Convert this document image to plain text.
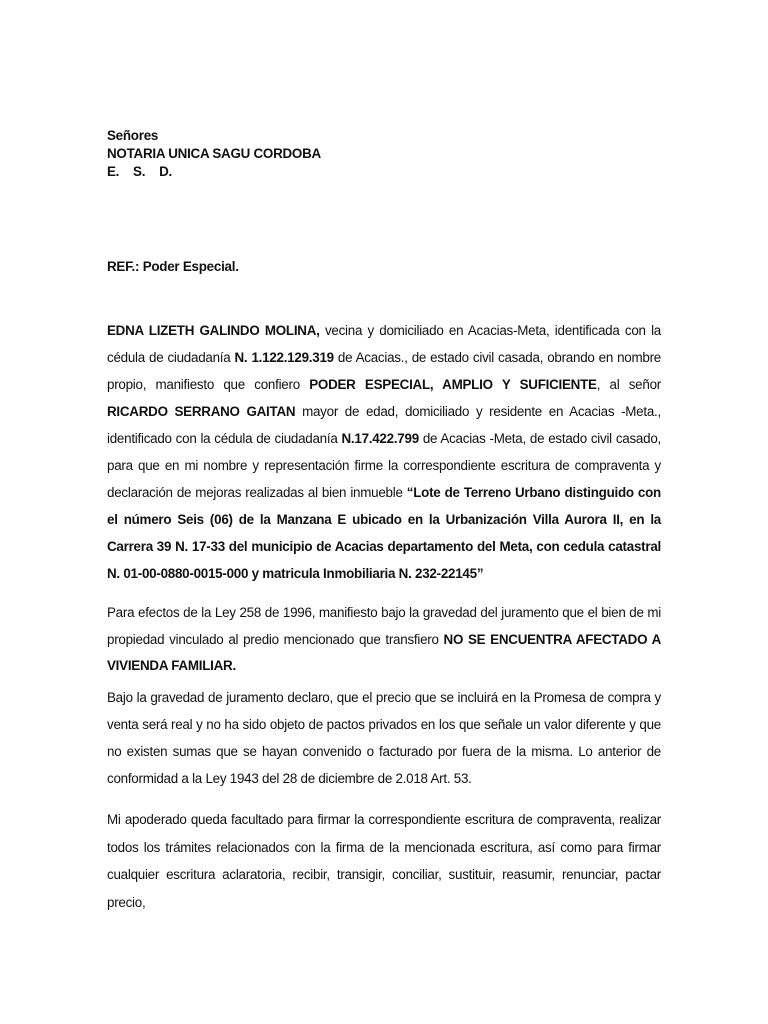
Señores
NOTARIA UNICA SAGU CORDOBA
E.    S.    D.
REF.: Poder Especial.
EDNA LIZETH GALINDO MOLINA, vecina y domiciliado en Acacias-Meta, identificada con la cédula de ciudadanía N. 1.122.129.319 de Acacias., de estado civil casada, obrando en nombre propio, manifiesto que confiero PODER ESPECIAL, AMPLIO Y SUFICIENTE, al señor RICARDO SERRANO GAITAN mayor de edad, domiciliado y residente en Acacias -Meta., identificado con la cédula de ciudadanía N.17.422.799 de Acacias -Meta, de estado civil casado, para que en mi nombre y representación firme la correspondiente escritura de compraventa y declaración de mejoras realizadas al bien inmueble “Lote de Terreno Urbano distinguido con el número Seis (06) de la Manzana E ubicado en la Urbanización Villa Aurora II, en la Carrera 39 N. 17-33 del municipio de Acacias departamento del Meta, con cedula catastral N. 01-00-0880-0015-000 y matricula Inmobiliaria N. 232-22145”
Para efectos de la Ley 258 de 1996, manifiesto bajo la gravedad del juramento que el bien de mi propiedad vinculado al predio mencionado que transfiero NO SE ENCUENTRA AFECTADO A VIVIENDA FAMILIAR.
Bajo la gravedad de juramento declaro, que el precio que se incluirá en la Promesa de compra y venta será real y no ha sido objeto de pactos privados en los que señale un valor diferente y que no existen sumas que se hayan convenido o facturado por fuera de la misma. Lo anterior de conformidad a la Ley 1943 del 28 de diciembre de 2.018 Art. 53.
Mi apoderado queda facultado para firmar la correspondiente escritura de compraventa, realizar todos los trámites relacionados con la firma de la mencionada escritura, así como para firmar cualquier escritura aclaratoria, recibir, transigir, conciliar, sustituir, reasumir, renunciar, pactar precio,
